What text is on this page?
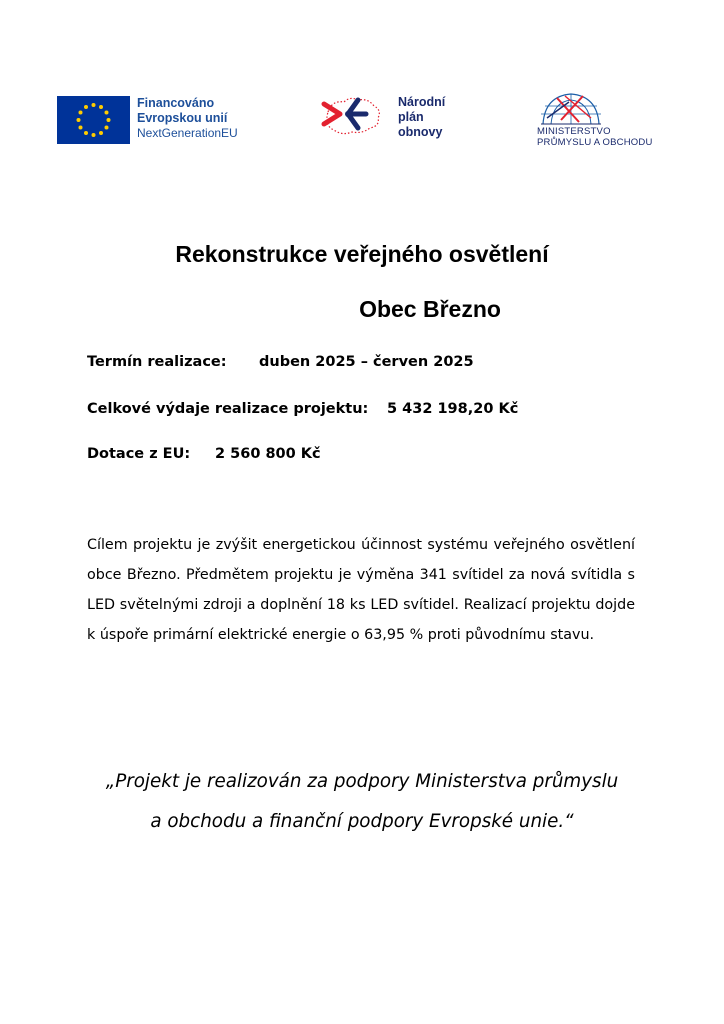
Financováno
Evropskou unií
NextGenerationEU
Národní
plán
obnovy	MINISTERSTVO
PRŮMYSLU A OBCHODU
Rekonstrukce veřejného osvětlení
Obec Březno
Termín realizace: duben 2025 – červen 2025
Celkové výdaje realizace projektu: 5 432 198,20 Kč
Dotace z EU: 2 560 800 Kč
Cílem projektu je zvýšit energetickou účinnost systému veřejného osvětlení obce Březno. Předmětem projektu je výměna 341 svítidel za nová svítidla s LED světelnými zdroji a doplnění 18 ks LED svítidel. Realizací projektu dojde k úspoře primární elektrické energie o 63,95 % proti původnímu stavu.
„Projekt je realizován za podpory Ministerstva průmyslu
a obchodu a finanční podpory Evropské unie.“
